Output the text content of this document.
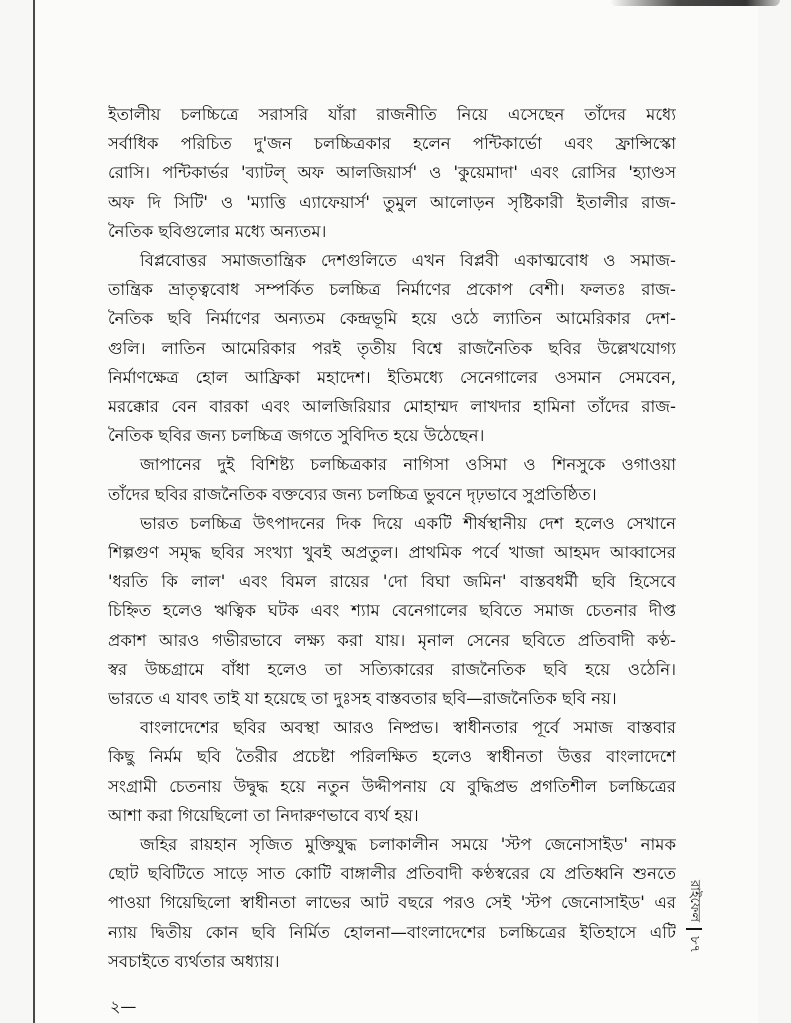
ইতালীয় চলচ্চিত্রে সরাসরি যাঁরা রাজনীতি নিয়ে এসেছেন তাঁদের মধ্যে
সর্বাধিক পরিচিত দু'জন চলচ্চিত্রকার হলেন পন্টিকার্ভো এবং ফ্রান্সিস্কো
রোসি। পন্টিকার্ভর 'ব্যাটল্ অফ আলজিয়ার্স' ও 'কুয়েমাদা' এবং রোসির 'হ্যাণ্ডস
অফ দি সিটি' ও 'ম্যাত্তি এ্যাফেয়ার্স' তুমুল আলোড়ন সৃষ্টিকারী ইতালীর রাজ-
নৈতিক ছবিগুলোর মধ্যে অন্যতম।
বিপ্লবোত্তর সমাজতান্ত্রিক দেশগুলিতে এখন বিপ্লবী একাত্মবোধ ও সমাজ-
তান্ত্রিক ভ্রাতৃত্ববোধ সম্পর্কিত চলচ্চিত্র নির্মাণের প্রকোপ বেশী। ফলতঃ রাজ-
নৈতিক ছবি নির্মাণের অন্যতম কেন্দ্রভূমি হয়ে ওঠে ল্যাতিন আমেরিকার দেশ-
গুলি। লাতিন আমেরিকার পরই তৃতীয় বিশ্বে রাজনৈতিক ছবির উল্লেখযোগ্য
নির্মাণক্ষেত্র হোল আফ্রিকা মহাদেশ। ইতিমধ্যে সেনেগালের ওসমান সেমবেন,
মরক্কোর বেন বারকা এবং আলজিরিয়ার মোহাম্মদ লাখদার হামিনা তাঁদের রাজ-
নৈতিক ছবির জন্য চলচ্চিত্র জগতে সুবিদিত হয়ে উঠেছেন।
জাপানের দুই বিশিষ্ট্য চলচ্চিত্রকার নাগিসা ওসিমা ও শিনসুকে ওগাওয়া
তাঁদের ছবির রাজনৈতিক বক্তব্যের জন্য চলচ্চিত্র ভুবনে দৃঢ়ভাবে সুপ্রতিষ্ঠিত।
ভারত চলচ্চিত্র উৎপাদনের দিক দিয়ে একটি শীর্ষস্থানীয় দেশ হলেও সেখানে
শিল্পগুণ সমৃদ্ধ ছবির সংখ্যা খুবই অপ্রতুল। প্রাথমিক পর্বে খাজা আহমদ আব্বাসের
'ধরতি কি লাল' এবং বিমল রায়ের 'দো বিঘা জমিন' বাস্তবধর্মী ছবি হিসেবে
চিহ্নিত হলেও ঋত্বিক ঘটক এবং শ্যাম বেনেগালের ছবিতে সমাজ চেতনার দীপ্ত
প্রকাশ আরও গভীরভাবে লক্ষ্য করা যায়। মৃনাল সেনের ছবিতে প্রতিবাদী কণ্ঠ-
স্বর উচ্চগ্রামে বাঁধা হলেও তা সত্যিকারের রাজনৈতিক ছবি হয়ে ওঠেনি।
ভারতে এ যাবৎ তাই যা হয়েছে তা দুঃসহ বাস্তবতার ছবি—রাজনৈতিক ছবি নয়।
বাংলাদেশের ছবির অবস্থা আরও নিষ্প্রভ। স্বাধীনতার পূর্বে সমাজ বাস্তবার
কিছু নির্মম ছবি তৈরীর প্রচেষ্টা পরিলক্ষিত হলেও স্বাধীনতা উত্তর বাংলাদেশে
সংগ্রামী চেতনায় উদ্বুদ্ধ হয়ে নতুন উদ্দীপনায় যে বুদ্ধিপ্রভ প্রগতিশীল চলচ্চিত্রের
আশা করা গিয়েছিলো তা নিদারুণভাবে ব্যর্থ হয়।
জহির রায়হান সৃজিত মুক্তিযুদ্ধ চলাকালীন সময়ে 'স্টপ জেনোসাইড' নামক
ছোট ছবিটিতে সাড়ে সাত কোটি বাঙ্গালীর প্রতিবাদী কণ্ঠস্বরের যে প্রতিধ্বনি শুনতে
পাওয়া গিয়েছিলো স্বাধীনতা লাভের আট বছরে পরও সেই 'স্টপ জেনোসাইড' এর
ন্যায় দ্বিতীয় কোন ছবি নির্মিত হোলনা—বাংলাদেশের চলচ্চিত্রের ইতিহাসে এটি
সবচাইতে ব্যর্থতার অধ্যায়।
রাইফেল
৮৭
২—
